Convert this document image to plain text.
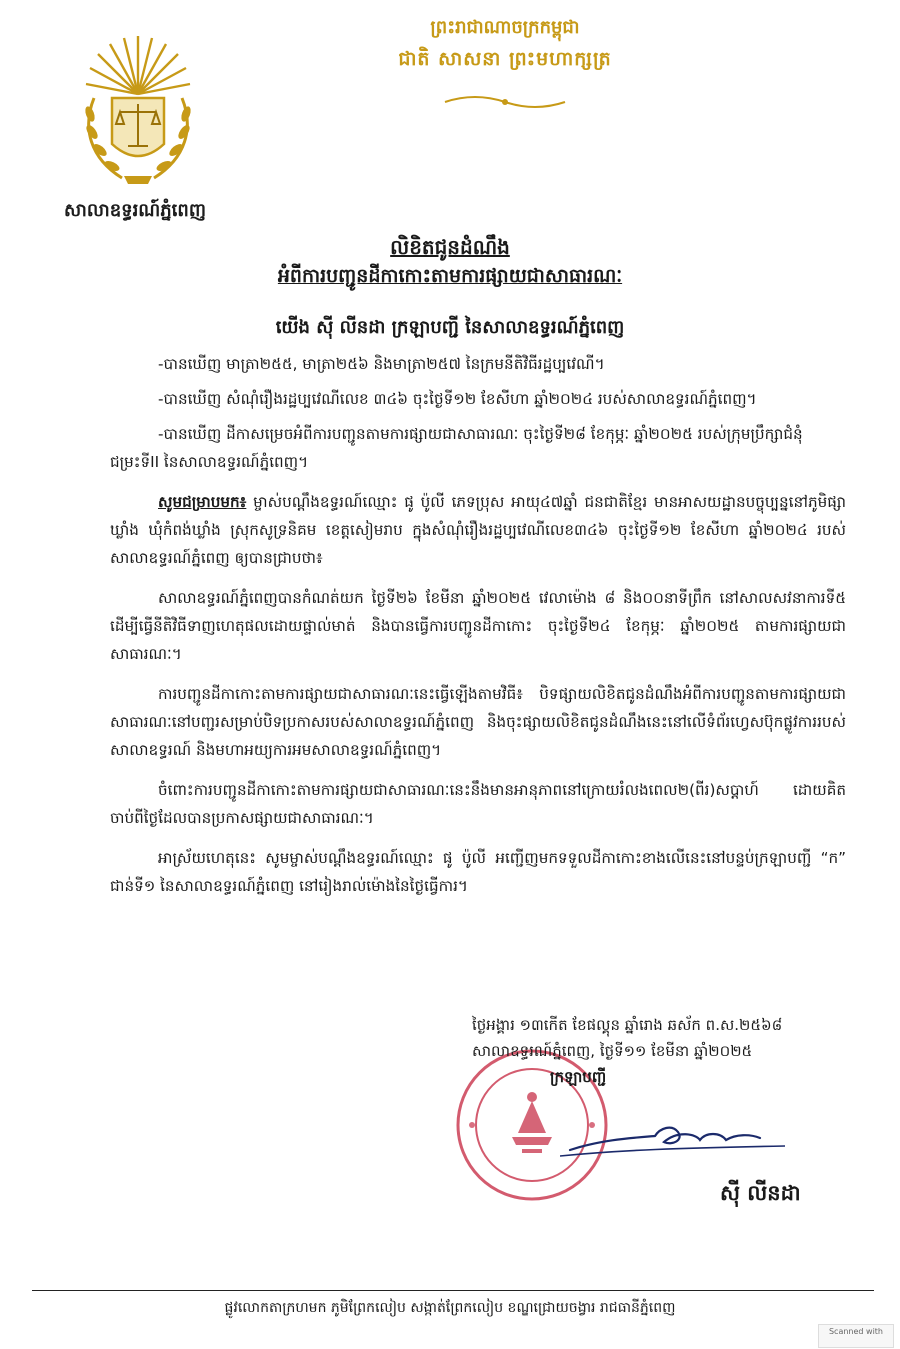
សាលាឧទ្ធរណ៍ភ្នំពេញ
ព្រះរាជាណាចក្រកម្ពុជា
ជាតិ សាសនា ព្រះមហាក្សត្រ
លិខិតជូនដំណឹង
អំពីការបញ្ជូនដីកាកោះតាមការផ្សាយជាសាធារណៈ
យើង ស៊ី លីនដា ក្រឡាបញ្ជី នៃសាលាឧទ្ធរណ៍ភ្នំពេញ

-បានឃើញ មាត្រា២៥៥, មាត្រា២៥៦ និងមាត្រា២៥៧ នៃក្រមនីតិវិធីរដ្ឋប្បវេណី។

-បានឃើញ សំណុំរឿងរដ្ឋប្បវេណីលេខ ៣៤៦ ចុះថ្ងៃទី១២ ខែសីហា ឆ្នាំ២០២៤ របស់សាលាឧទ្ធរណ៍ភ្នំពេញ។

-បានឃើញ ដីកាសម្រេចអំពីការបញ្ជូនតាមការផ្សាយជាសាធារណៈ ចុះថ្ងៃទី២៨ ខែកុម្ភៈ ឆ្នាំ២០២៥ របស់ក្រុមប្រឹក្សាជំនុំជម្រះទីII នៃសាលាឧទ្ធរណ៍ភ្នំពេញ។

សូមជម្រាបមក៖ ម្ចាស់បណ្តឹងឧទ្ធរណ៍ឈ្មោះ ផូ ប៉ូលី ភេទប្រុស អាយុ៤៧ឆ្នាំ ជនជាតិខ្មែរ មានអាសយដ្ឋានបច្ចុប្បន្ននៅភូមិផ្សាឃ្លាំង ឃុំកំពង់ឃ្លាំង ស្រុកសូទ្រនិគម ខេត្តសៀមរាប ក្នុងសំណុំរឿងរដ្ឋប្បវេណីលេខ៣៤៦ ចុះថ្ងៃទី១២ ខែសីហា ឆ្នាំ២០២៤ របស់សាលាឧទ្ធរណ៍ភ្នំពេញ ឲ្យបានជ្រាបថា៖

សាលាឧទ្ធរណ៍ភ្នំពេញបានកំណត់យក ថ្ងៃទី២៦ ខែមីនា ឆ្នាំ២០២៥ វេលាម៉ោង ៨ និង០០នាទីព្រឹក នៅសាលសវនាការទី៥ ដើម្បីធ្វើនីតិវិធីទាញហេតុផលដោយផ្ទាល់មាត់ និងបានធ្វើការបញ្ជូនដីកាកោះ ចុះថ្ងៃទី២៤ ខែកុម្ភៈ ឆ្នាំ២០២៥ តាមការផ្សាយជាសាធារណៈ។

ការបញ្ជូនដីកាកោះតាមការផ្សាយជាសាធារណៈនេះធ្វើឡើងតាមវិធី៖ បិទផ្សាយលិខិតជូនដំណឹងអំពីការបញ្ជូនតាមការផ្សាយជាសាធារណៈនៅបញ្ជរសម្រាប់បិទប្រកាសរបស់សាលាឧទ្ធរណ៍ភ្នំពេញ និងចុះផ្សាយលិខិតជូនដំណឹងនេះនៅលើទំព័រហ្វេសប៊ុកផ្លូវការរបស់សាលាឧទ្ធរណ៍ និងមហាអយ្យការអមសាលាឧទ្ធរណ៍ភ្នំពេញ។

ចំពោះការបញ្ជូនដីកាកោះតាមការផ្សាយជាសាធារណៈនេះនឹងមានអានុភាពនៅក្រោយរំលងពេល២(ពីរ)សប្តាហ៍ ដោយគិតចាប់ពីថ្ងៃដែលបានប្រកាសផ្សាយជាសាធារណៈ។

អាស្រ័យហេតុនេះ សូមម្ចាស់បណ្តឹងឧទ្ធរណ៍ឈ្មោះ ផូ ប៉ូលី អញ្ជើញមកទទួលដីកាកោះខាងលើនេះនៅបន្ទប់ក្រឡាបញ្ជី “ក” ជាន់ទី១ នៃសាលាឧទ្ធរណ៍ភ្នំពេញ នៅរៀងរាល់ម៉ោងនៃថ្ងៃធ្វើការ។

ថ្ងៃអង្គារ ១៣កើត ខែផល្គុន ឆ្នាំរោង ឆស័ក ព.ស.២៥៦៨
សាលាឧទ្ធរណ៍ភ្នំពេញ, ថ្ងៃទី១១ ខែមីនា ឆ្នាំ២០២៥
ក្រឡាបញ្ជី
ស៊ី លីនដា
ផ្លូវលោកតាក្រហមក ភូមិព្រែកលៀប សង្កាត់ព្រែកលៀប ខណ្ឌជ្រោយចង្វារ រាជធានីភ្នំពេញ
Scanned with
